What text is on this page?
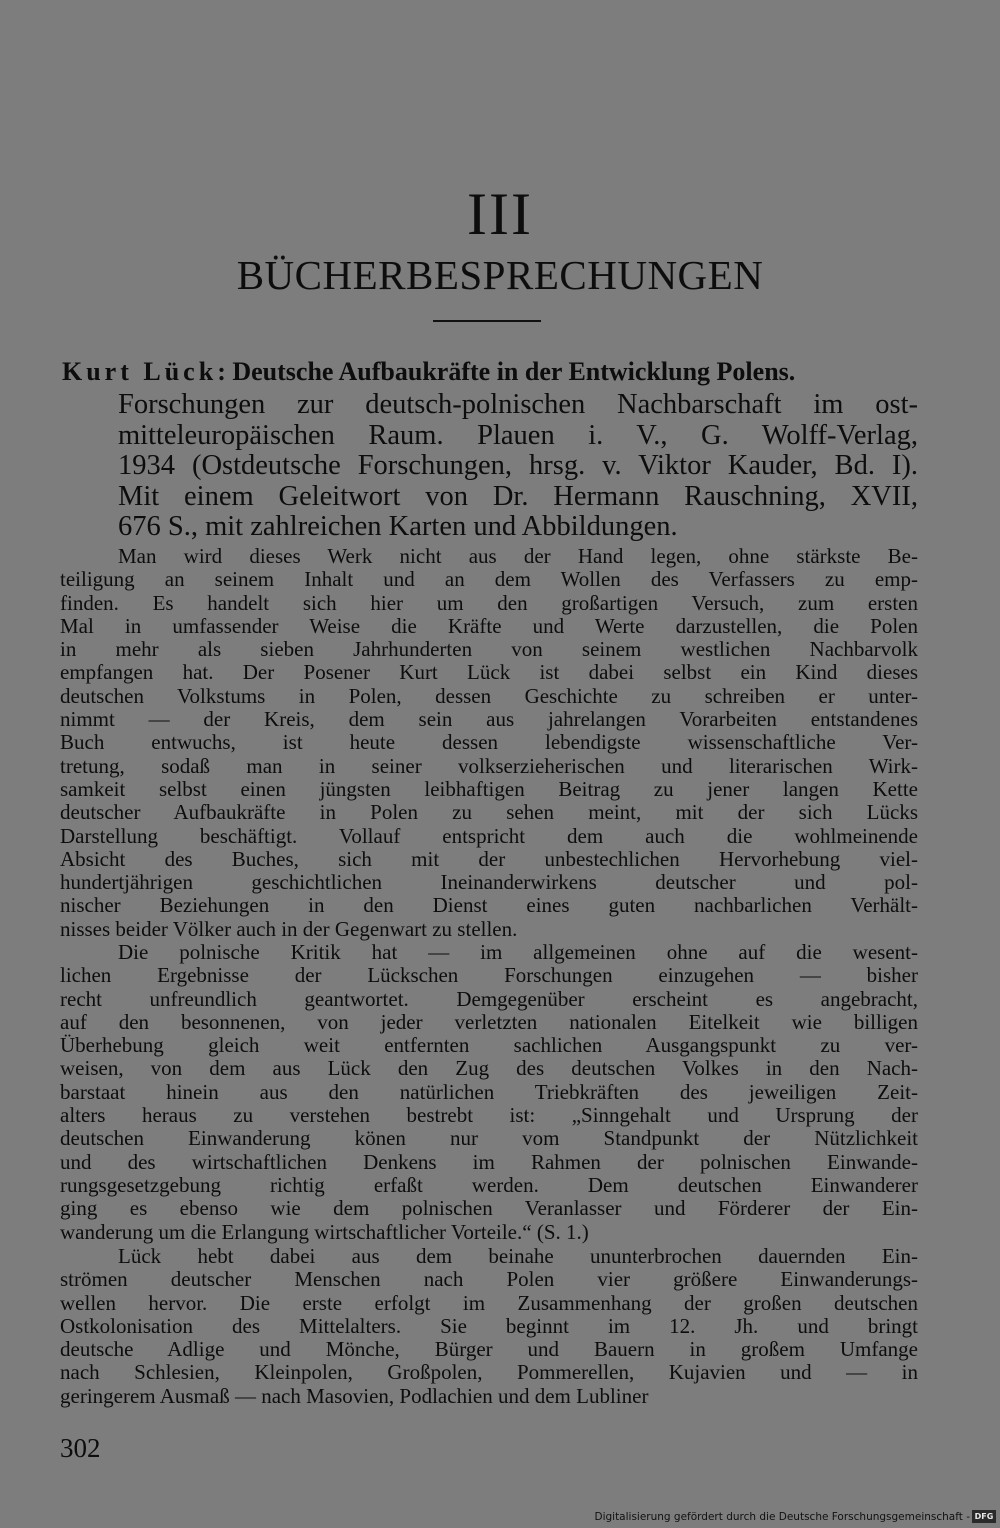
III
BÜCHERBESPRECHUNGEN
Kurt Lück: Deutsche Aufbaukräfte in der Entwicklung Polens.
Forschungen zur deutsch-polnischen Nachbarschaft im ost-
mitteleuropäischen Raum. Plauen i. V., G. Wolff-Verlag,
1934 (Ostdeutsche Forschungen, hrsg. v. Viktor Kauder, Bd. I).
Mit einem Geleitwort von Dr. Hermann Rauschning, XVII,
676 S., mit zahlreichen Karten und Abbildungen.
Man wird dieses Werk nicht aus der Hand legen, ohne stärkste Be-
teiligung an seinem Inhalt und an dem Wollen des Verfassers zu emp-
finden. Es handelt sich hier um den großartigen Versuch, zum ersten
Mal in umfassender Weise die Kräfte und Werte darzustellen, die Polen
in mehr als sieben Jahrhunderten von seinem westlichen Nachbarvolk
empfangen hat. Der Posener Kurt Lück ist dabei selbst ein Kind dieses
deutschen Volkstums in Polen, dessen Geschichte zu schreiben er unter-
nimmt — der Kreis, dem sein aus jahrelangen Vorarbeiten entstandenes
Buch entwuchs, ist heute dessen lebendigste wissenschaftliche Ver-
tretung, sodaß man in seiner volkserzieherischen und literarischen Wirk-
samkeit selbst einen jüngsten leibhaftigen Beitrag zu jener langen Kette
deutscher Aufbaukräfte in Polen zu sehen meint, mit der sich Lücks
Darstellung beschäftigt. Vollauf entspricht dem auch die wohlmeinende
Absicht des Buches, sich mit der unbestechlichen Hervorhebung viel-
hundertjährigen geschichtlichen Ineinanderwirkens deutscher und pol-
nischer Beziehungen in den Dienst eines guten nachbarlichen Verhält-
nisses beider Völker auch in der Gegenwart zu stellen.
Die polnische Kritik hat — im allgemeinen ohne auf die wesent-
lichen Ergebnisse der Lückschen Forschungen einzugehen — bisher
recht unfreundlich geantwortet. Demgegenüber erscheint es angebracht,
auf den besonnenen, von jeder verletzten nationalen Eitelkeit wie billigen
Überhebung gleich weit entfernten sachlichen Ausgangspunkt zu ver-
weisen, von dem aus Lück den Zug des deutschen Volkes in den Nach-
barstaat hinein aus den natürlichen Triebkräften des jeweiligen Zeit-
alters heraus zu verstehen bestrebt ist: „Sinngehalt und Ursprung der
deutschen Einwanderung könen nur vom Standpunkt der Nützlichkeit
und des wirtschaftlichen Denkens im Rahmen der polnischen Einwande-
rungsgesetzgebung richtig erfaßt werden. Dem deutschen Einwanderer
ging es ebenso wie dem polnischen Veranlasser und Förderer der Ein-
wanderung um die Erlangung wirtschaftlicher Vorteile.“ (S. 1.)
Lück hebt dabei aus dem beinahe ununterbrochen dauernden Ein-
strömen deutscher Menschen nach Polen vier größere Einwanderungs-
wellen hervor. Die erste erfolgt im Zusammenhang der großen deutschen
Ostkolonisation des Mittelalters. Sie beginnt im 12. Jh. und bringt
deutsche Adlige und Mönche, Bürger und Bauern in großem Umfange
nach Schlesien, Kleinpolen, Großpolen, Pommerellen, Kujavien und — in
geringerem Ausmaß — nach Masovien, Podlachien und dem Lubliner
302
Digitalisierung gefördert durch die Deutsche Forschungsgemeinschaft - DFG
